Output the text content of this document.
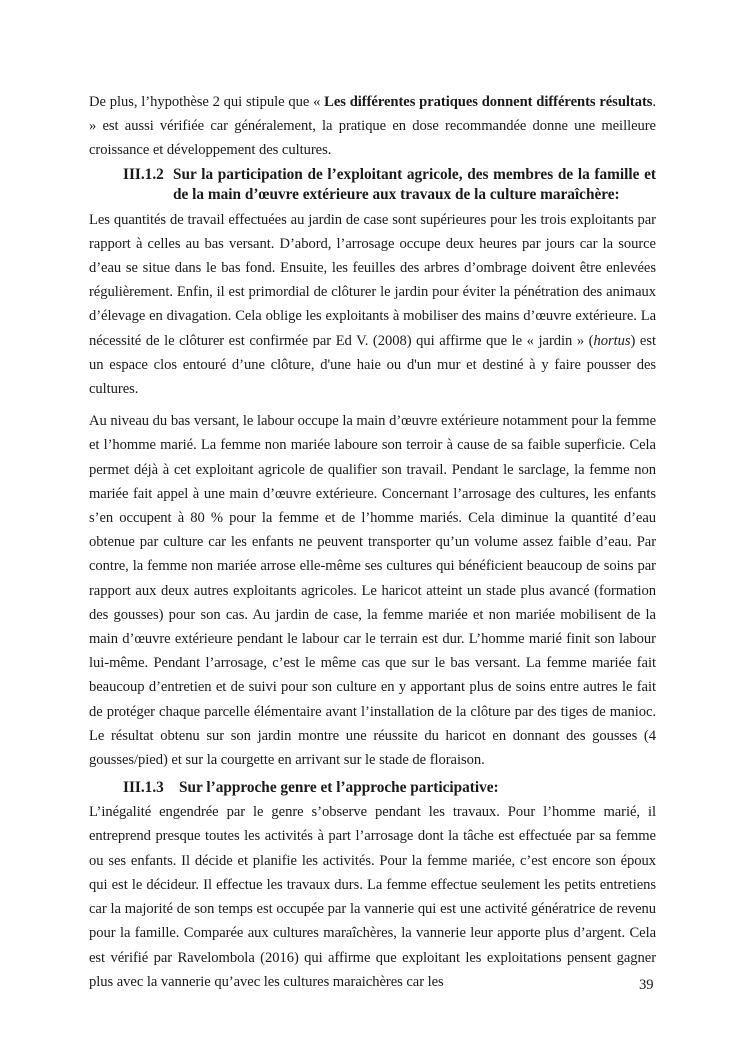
De plus, l’hypothèse 2 qui stipule que « Les différentes pratiques donnent différents résultats. » est aussi vérifiée car généralement, la pratique en dose recommandée donne une meilleure croissance et développement des cultures.

III.1.2 Sur la participation de l’exploitant agricole, des membres de la famille et de la main d’œuvre extérieure aux travaux de la culture maraîchère:

Les quantités de travail effectuées au jardin de case sont supérieures pour les trois exploitants par rapport à celles au bas versant. D’abord, l’arrosage occupe deux heures par jours car la source d’eau se situe dans le bas fond. Ensuite, les feuilles des arbres d’ombrage doivent être enlevées régulièrement. Enfin, il est primordial de clôturer le jardin pour éviter la pénétration des animaux d’élevage en divagation. Cela oblige les exploitants à mobiliser des mains d’œuvre extérieure. La nécessité de le clôturer est confirmée par Ed V. (2008) qui affirme que le « jardin » (hortus) est un espace clos entouré d’une clôture, d'une haie ou d'un mur et destiné à y faire pousser des cultures.

Au niveau du bas versant, le labour occupe la main d’œuvre extérieure notamment pour la femme et l’homme marié. La femme non mariée laboure son terroir à cause de sa faible superficie. Cela permet déjà à cet exploitant agricole de qualifier son travail. Pendant le sarclage, la femme non mariée fait appel à une main d’œuvre extérieure. Concernant l’arrosage des cultures, les enfants s’en occupent à 80 % pour la femme et de l’homme mariés. Cela diminue la quantité d’eau obtenue par culture car les enfants ne peuvent transporter qu’un volume assez faible d’eau. Par contre, la femme non mariée arrose elle-même ses cultures qui bénéficient beaucoup de soins par rapport aux deux autres exploitants agricoles. Le haricot atteint un stade plus avancé (formation des gousses) pour son cas. Au jardin de case, la femme mariée et non mariée mobilisent de la main d’œuvre extérieure pendant le labour car le terrain est dur. L’homme marié finit son labour lui-même. Pendant l’arrosage, c’est le même cas que sur le bas versant. La femme mariée fait beaucoup d’entretien et de suivi pour son culture en y apportant plus de soins entre autres le fait de protéger chaque parcelle élémentaire avant l’installation de la clôture par des tiges de manioc. Le résultat obtenu sur son jardin montre une réussite du haricot en donnant des gousses (4 gousses/pied) et sur la courgette en arrivant sur le stade de floraison.

III.1.3 Sur l’approche genre et l’approche participative:

L’inégalité engendrée par le genre s’observe pendant les travaux. Pour l’homme marié, il entreprend presque toutes les activités à part l’arrosage dont la tâche est effectuée par sa femme ou ses enfants. Il décide et planifie les activités. Pour la femme mariée, c’est encore son époux qui est le décideur. Il effectue les travaux durs. La femme effectue seulement les petits entretiens car la majorité de son temps est occupée par la vannerie qui est une activité génératrice de revenu pour la famille. Comparée aux cultures maraîchères, la vannerie leur apporte plus d’argent. Cela est vérifié par Ravelombola (2016) qui affirme que exploitant les exploitations pensent gagner plus avec la vannerie qu’avec les cultures maraichères car les	39
